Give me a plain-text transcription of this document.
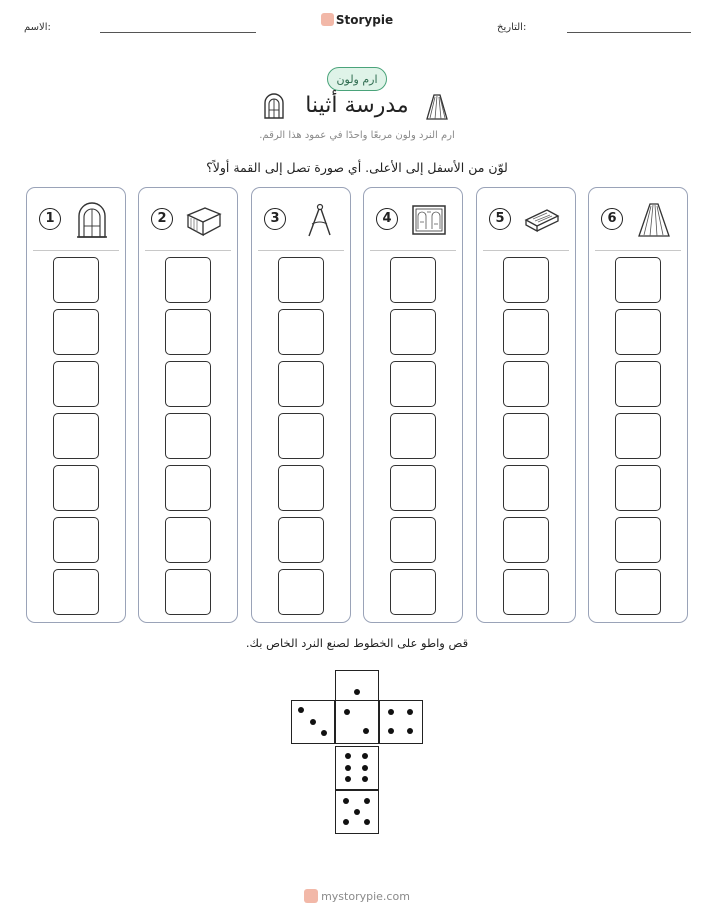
الاسم:
Storypie
التاريخ:
ارم ولون
مدرسة أثينا
ارم النرد ولون مربعًا واحدًا في عمود هذا الرقم.
لوّن من الأسفل إلى الأعلى. أي صورة تصل إلى القمة أولاً؟
1	2	3	4	5	6
قص واطو على الخطوط لصنع النرد الخاص بك.
mystorypie.com
